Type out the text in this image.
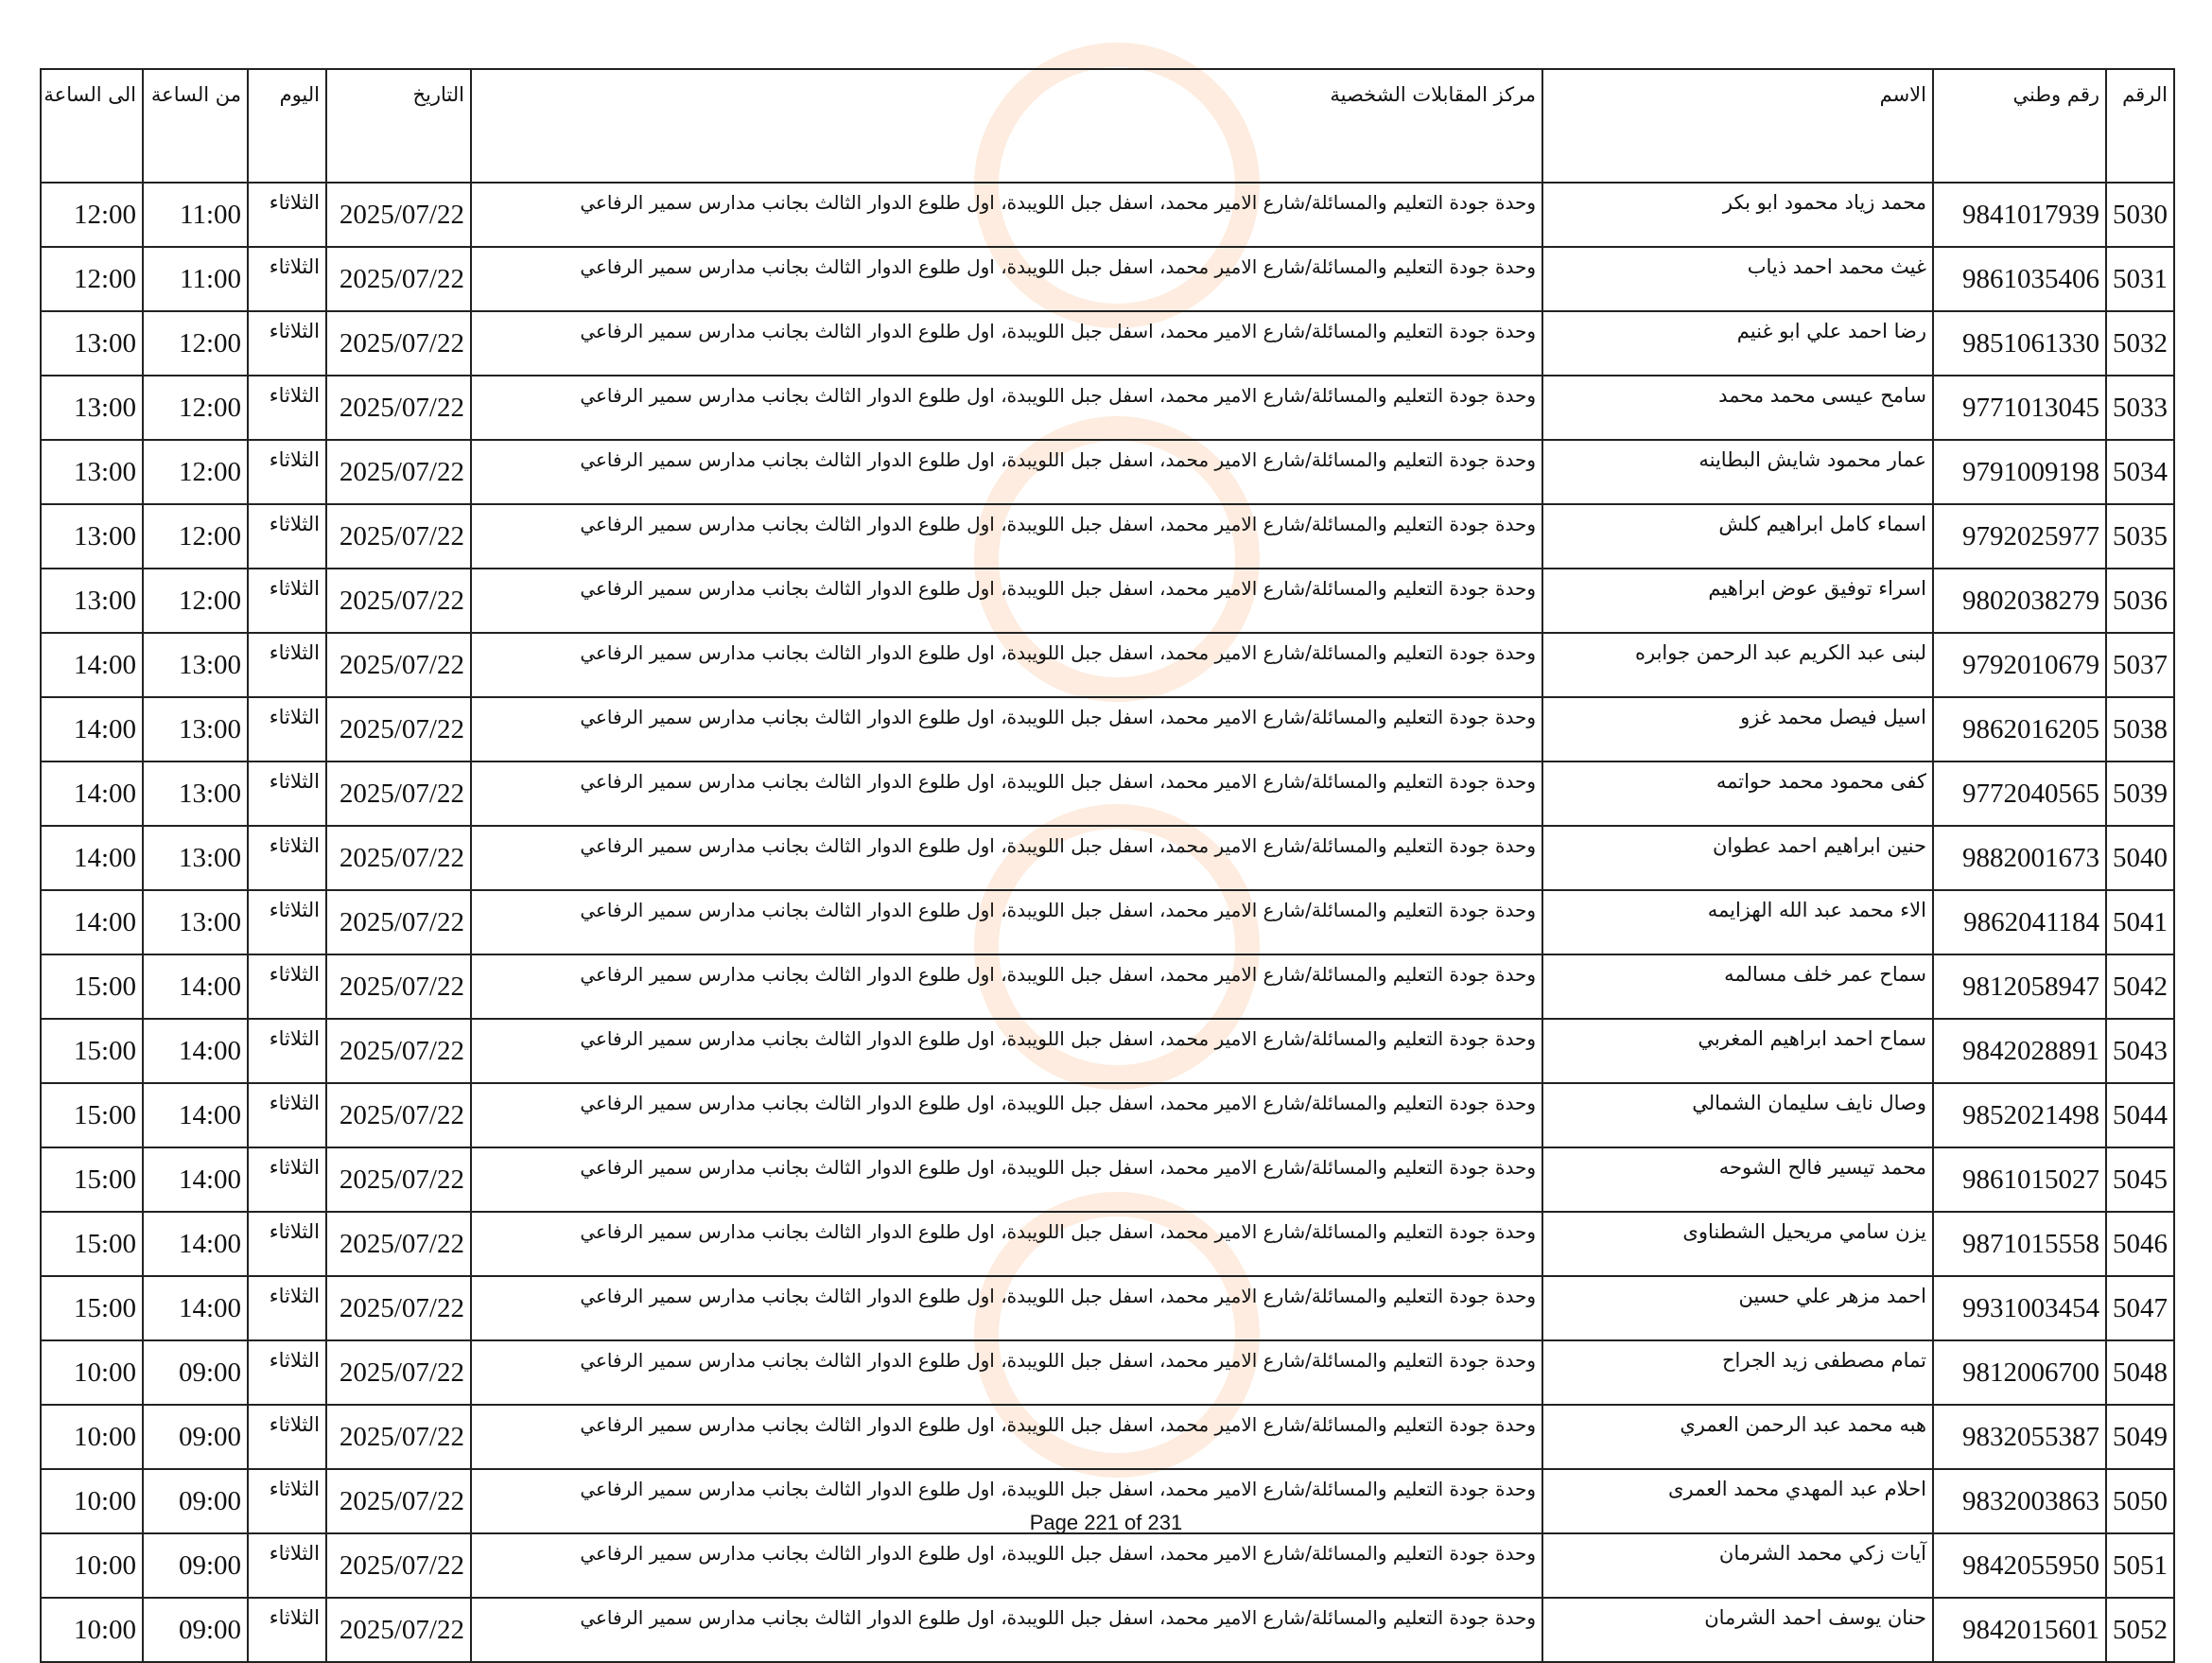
الرقم	رقم وطني	الاسم	مركز المقابلات الشخصية	التاريخ	اليوم	من الساعة	الى الساعة
5030	9841017939	محمد زياد محمود ابو بكر	وحدة جودة التعليم والمسائلة/شارع الامير محمد، اسفل جبل اللويبدة، اول طلوع الدوار الثالث بجانب مدارس سمير الرفاعي	2025/07/22	الثلاثاء	11:00	12:00
5031	9861035406	غيث محمد احمد ذياب	وحدة جودة التعليم والمسائلة/شارع الامير محمد، اسفل جبل اللويبدة، اول طلوع الدوار الثالث بجانب مدارس سمير الرفاعي	2025/07/22	الثلاثاء	11:00	12:00
5032	9851061330	رضا احمد علي ابو غنيم	وحدة جودة التعليم والمسائلة/شارع الامير محمد، اسفل جبل اللويبدة، اول طلوع الدوار الثالث بجانب مدارس سمير الرفاعي	2025/07/22	الثلاثاء	12:00	13:00
5033	9771013045	سامح عيسى محمد محمد	وحدة جودة التعليم والمسائلة/شارع الامير محمد، اسفل جبل اللويبدة، اول طلوع الدوار الثالث بجانب مدارس سمير الرفاعي	2025/07/22	الثلاثاء	12:00	13:00
5034	9791009198	عمار محمود شايش البطاينه	وحدة جودة التعليم والمسائلة/شارع الامير محمد، اسفل جبل اللويبدة، اول طلوع الدوار الثالث بجانب مدارس سمير الرفاعي	2025/07/22	الثلاثاء	12:00	13:00
5035	9792025977	اسماء كامل ابراهيم كلش	وحدة جودة التعليم والمسائلة/شارع الامير محمد، اسفل جبل اللويبدة، اول طلوع الدوار الثالث بجانب مدارس سمير الرفاعي	2025/07/22	الثلاثاء	12:00	13:00
5036	9802038279	اسراء توفيق عوض ابراهيم	وحدة جودة التعليم والمسائلة/شارع الامير محمد، اسفل جبل اللويبدة، اول طلوع الدوار الثالث بجانب مدارس سمير الرفاعي	2025/07/22	الثلاثاء	12:00	13:00
5037	9792010679	لبنى عبد الكريم عبد الرحمن جوابره	وحدة جودة التعليم والمسائلة/شارع الامير محمد، اسفل جبل اللويبدة، اول طلوع الدوار الثالث بجانب مدارس سمير الرفاعي	2025/07/22	الثلاثاء	13:00	14:00
5038	9862016205	اسيل فيصل محمد غزو	وحدة جودة التعليم والمسائلة/شارع الامير محمد، اسفل جبل اللويبدة، اول طلوع الدوار الثالث بجانب مدارس سمير الرفاعي	2025/07/22	الثلاثاء	13:00	14:00
5039	9772040565	كفى محمود محمد حواتمه	وحدة جودة التعليم والمسائلة/شارع الامير محمد، اسفل جبل اللويبدة، اول طلوع الدوار الثالث بجانب مدارس سمير الرفاعي	2025/07/22	الثلاثاء	13:00	14:00
5040	9882001673	حنين ابراهيم احمد عطوان	وحدة جودة التعليم والمسائلة/شارع الامير محمد، اسفل جبل اللويبدة، اول طلوع الدوار الثالث بجانب مدارس سمير الرفاعي	2025/07/22	الثلاثاء	13:00	14:00
5041	9862041184	الاء محمد عبد الله الهزايمه	وحدة جودة التعليم والمسائلة/شارع الامير محمد، اسفل جبل اللويبدة، اول طلوع الدوار الثالث بجانب مدارس سمير الرفاعي	2025/07/22	الثلاثاء	13:00	14:00
5042	9812058947	سماح عمر خلف مسالمه	وحدة جودة التعليم والمسائلة/شارع الامير محمد، اسفل جبل اللويبدة، اول طلوع الدوار الثالث بجانب مدارس سمير الرفاعي	2025/07/22	الثلاثاء	14:00	15:00
5043	9842028891	سماح احمد ابراهيم المغربي	وحدة جودة التعليم والمسائلة/شارع الامير محمد، اسفل جبل اللويبدة، اول طلوع الدوار الثالث بجانب مدارس سمير الرفاعي	2025/07/22	الثلاثاء	14:00	15:00
5044	9852021498	وصال نايف سليمان الشمالي	وحدة جودة التعليم والمسائلة/شارع الامير محمد، اسفل جبل اللويبدة، اول طلوع الدوار الثالث بجانب مدارس سمير الرفاعي	2025/07/22	الثلاثاء	14:00	15:00
5045	9861015027	محمد تيسير فالح الشوحه	وحدة جودة التعليم والمسائلة/شارع الامير محمد، اسفل جبل اللويبدة، اول طلوع الدوار الثالث بجانب مدارس سمير الرفاعي	2025/07/22	الثلاثاء	14:00	15:00
5046	9871015558	يزن سامي مريحيل الشطناوى	وحدة جودة التعليم والمسائلة/شارع الامير محمد، اسفل جبل اللويبدة، اول طلوع الدوار الثالث بجانب مدارس سمير الرفاعي	2025/07/22	الثلاثاء	14:00	15:00
5047	9931003454	احمد مزهر علي حسين	وحدة جودة التعليم والمسائلة/شارع الامير محمد، اسفل جبل اللويبدة، اول طلوع الدوار الثالث بجانب مدارس سمير الرفاعي	2025/07/22	الثلاثاء	14:00	15:00
5048	9812006700	تمام مصطفى زيد الجراح	وحدة جودة التعليم والمسائلة/شارع الامير محمد، اسفل جبل اللويبدة، اول طلوع الدوار الثالث بجانب مدارس سمير الرفاعي	2025/07/22	الثلاثاء	09:00	10:00
5049	9832055387	هبه محمد عبد الرحمن العمري	وحدة جودة التعليم والمسائلة/شارع الامير محمد، اسفل جبل اللويبدة، اول طلوع الدوار الثالث بجانب مدارس سمير الرفاعي	2025/07/22	الثلاثاء	09:00	10:00
5050	9832003863	احلام عبد المهدي محمد العمرى	وحدة جودة التعليم والمسائلة/شارع الامير محمد، اسفل جبل اللويبدة، اول طلوع الدوار الثالث بجانب مدارس سمير الرفاعي	2025/07/22	الثلاثاء	09:00	10:00
5051	9842055950	آيات زكي محمد الشرمان	وحدة جودة التعليم والمسائلة/شارع الامير محمد، اسفل جبل اللويبدة، اول طلوع الدوار الثالث بجانب مدارس سمير الرفاعي	2025/07/22	الثلاثاء	09:00	10:00
5052	9842015601	حنان يوسف احمد الشرمان	وحدة جودة التعليم والمسائلة/شارع الامير محمد، اسفل جبل اللويبدة، اول طلوع الدوار الثالث بجانب مدارس سمير الرفاعي	2025/07/22	الثلاثاء	09:00	10:00
Page 221 of 231
